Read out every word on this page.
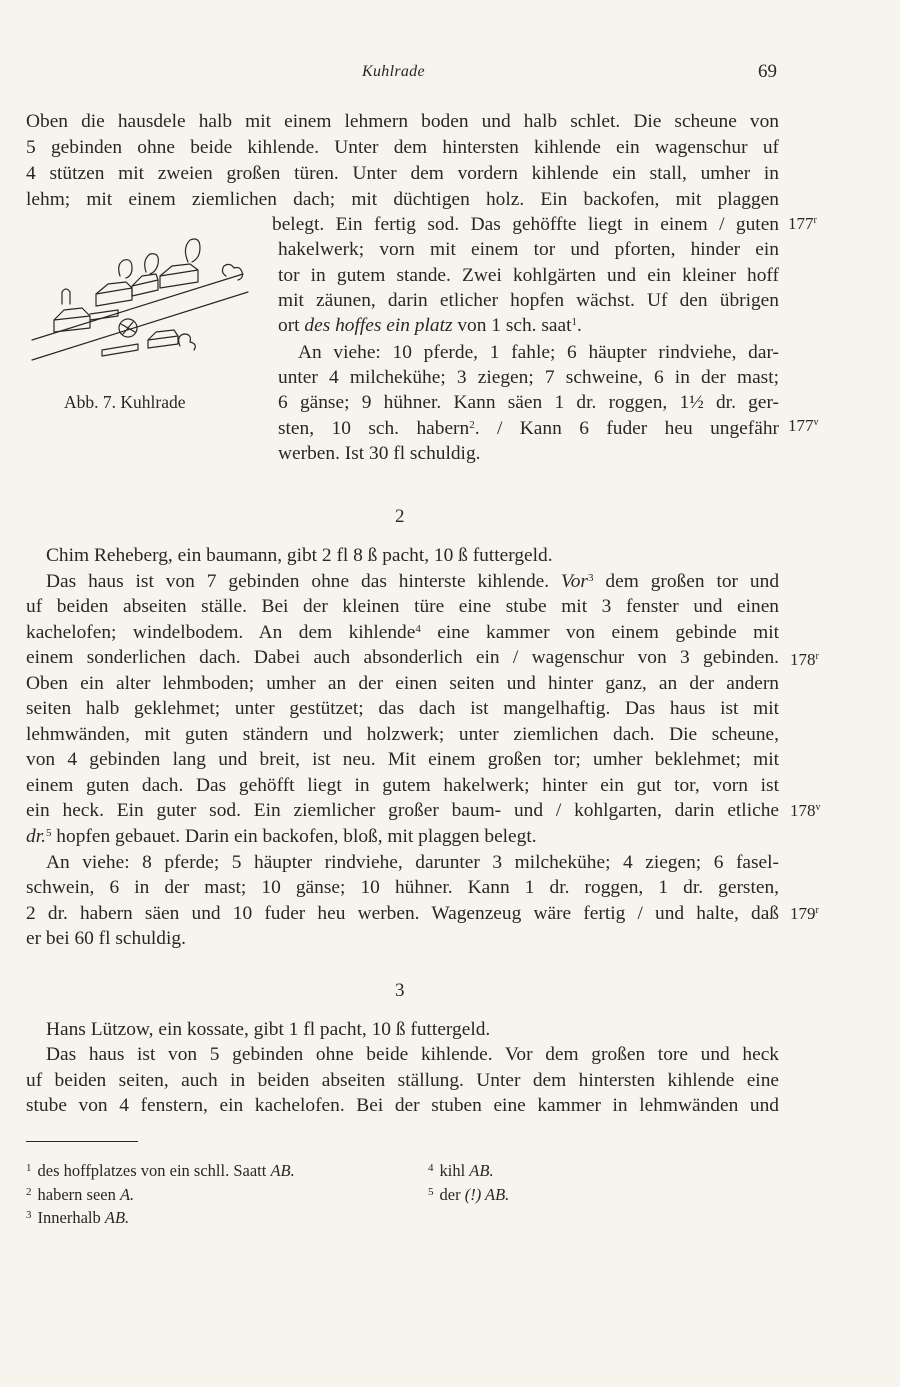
Kuhlrade	69
Oben die hausdele halb mit einem lehmern boden und halb schlet. Die scheune von
5 gebinden ohne beide kihlende. Unter dem hintersten kihlende ein wagenschur uf
4 stützen mit zweien großen türen. Unter dem vordern kihlende ein stall, umher in
lehm; mit einem ziemlichen dach; mit düchtigen holz. Ein backofen, mit plaggen
belegt. Ein fertig sod. Das gehöffte liegt in einem / guten
hakelwerk; vorn mit einem tor und pforten, hinder ein
tor in gutem stande. Zwei kohlgärten und ein kleiner hoff
mit zäunen, darin etlicher hopfen wächst. Uf den übrigen
ort des hoffes ein platz von 1 sch. saat$^1$.
An viehe: 10 pferde, 1 fahle; 6 häupter rindviehe, dar-
unter 4 milchekühe; 3 ziegen; 7 schweine, 6 in der mast;
6 gänse; 9 hühner. Kann säen 1 dr. roggen, 1½ dr. ger-
sten, 10 sch. habern$^2$. / Kann 6 fuder heu ungefähr
werben. Ist 30 fl schuldig.
Abb. 7. Kuhlrade
177$^r$
177$^v$
178$^r$
178$^v$
179$^r$
2
Chim Reheberg, ein baumann, gibt 2 fl 8 ß pacht, 10 ß futtergeld.
Das haus ist von 7 gebinden ohne das hinterste kihlende. Vor$^3$ dem großen tor und
uf beiden abseiten ställe. Bei der kleinen türe eine stube mit 3 fenster und einen
kachelofen; windelbodem. An dem kihlende$^4$ eine kammer von einem gebinde mit
einem sonderlichen dach. Dabei auch absonderlich ein / wagenschur von 3 gebinden.
Oben ein alter lehmboden; umher an der einen seiten und hinter ganz, an der andern
seiten halb geklehmet; unter gestützet; das dach ist mangelhaftig. Das haus ist mit
lehmwänden, mit guten ständern und holzwerk; unter ziemlichen dach. Die scheune,
von 4 gebinden lang und breit, ist neu. Mit einem großen tor; umher beklehmet; mit
einem guten dach. Das gehöfft liegt in gutem hakelwerk; hinter ein gut tor, vorn ist
ein heck. Ein guter sod. Ein ziemlicher großer baum- und / kohlgarten, darin etliche
dr.$^5$ hopfen gebauet. Darin ein backofen, bloß, mit plaggen belegt.
An viehe: 8 pferde; 5 häupter rindviehe, darunter 3 milchekühe; 4 ziegen; 6 fasel-
schwein, 6 in der mast; 10 gänse; 10 hühner. Kann 1 dr. roggen, 1 dr. gersten,
2 dr. habern säen und 10 fuder heu werben. Wagenzeug wäre fertig / und halte, daß
er bei 60 fl schuldig.
3
Hans Lützow, ein kossate, gibt 1 fl pacht, 10 ß futtergeld.
Das haus ist von 5 gebinden ohne beide kihlende. Vor dem großen tore und heck
uf beiden seiten, auch in beiden abseiten ställung. Unter dem hintersten kihlende eine
stube von 4 fenstern, ein kachelofen. Bei der stuben eine kammer in lehmwänden und
$^1$ des hoffplatzes von ein schll. Saatt AB.
$^2$ habern seen A.
$^3$ Innerhalb AB.
$^4$ kihl AB.
$^5$ der (!) AB.
